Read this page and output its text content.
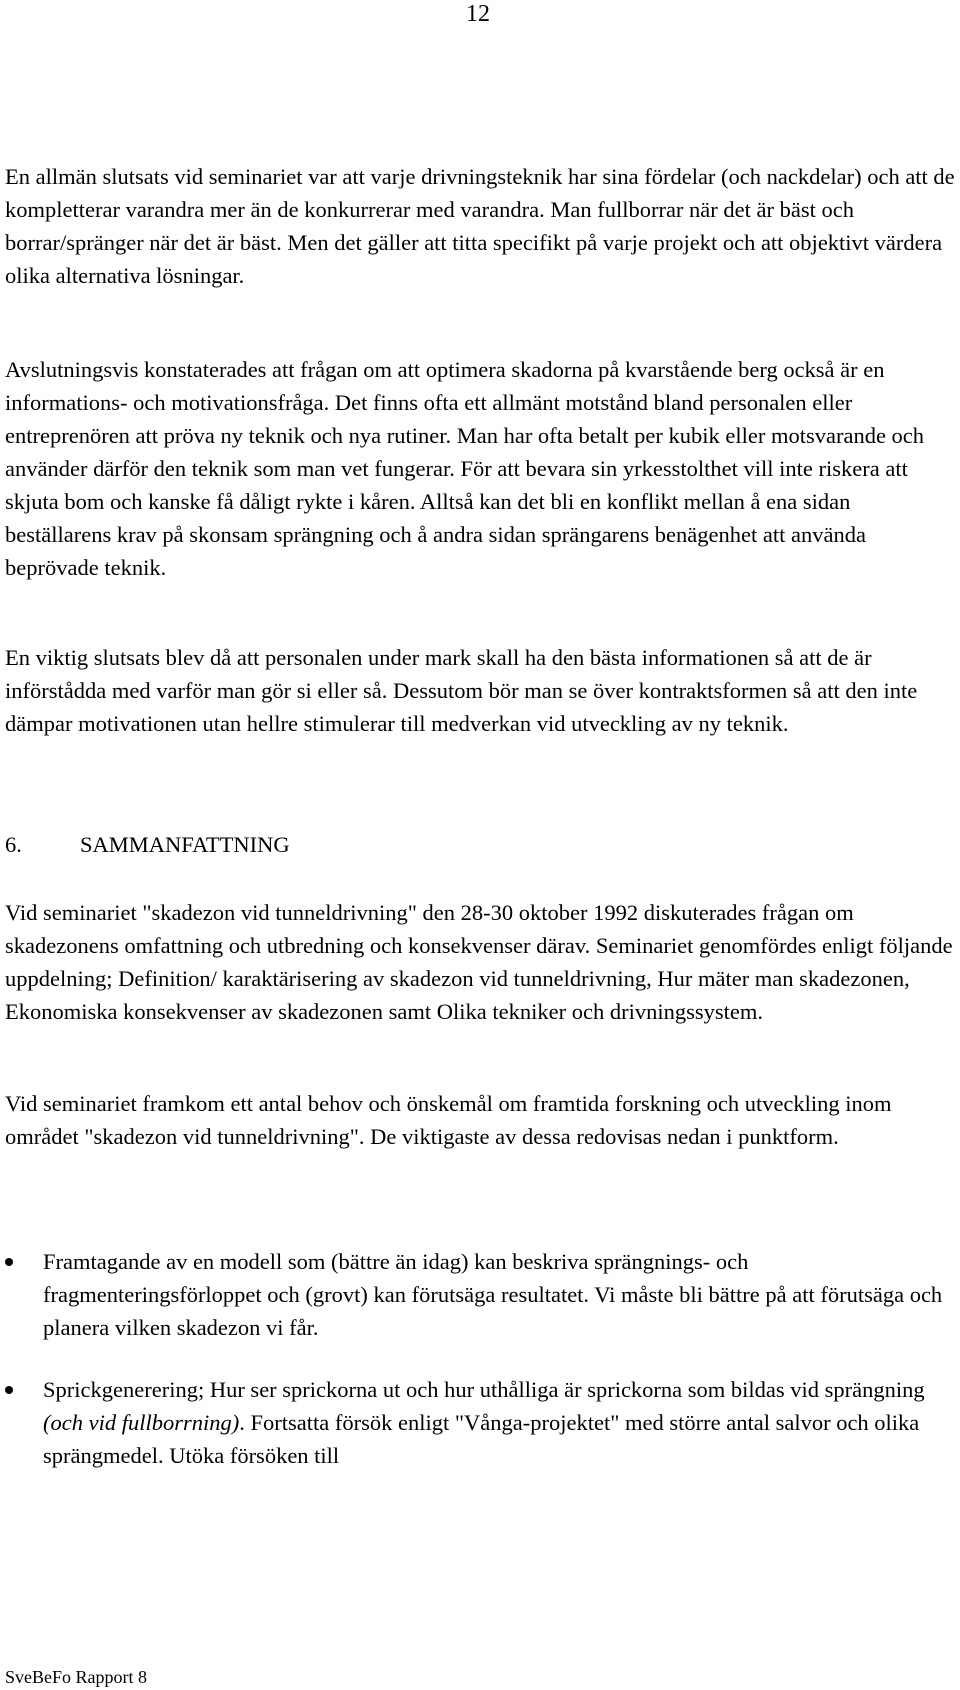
12

En allmän slutsats vid seminariet var att varje drivningsteknik har sina fördelar (och nackdelar) och att de kompletterar varandra mer än de konkurrerar med varandra. Man fullborrar när det är bäst och borrar/spränger när det är bäst. Men det gäller att titta specifikt på varje projekt och att objektivt värdera olika alternativa lösningar.

Avslutningsvis konstaterades att frågan om att optimera skadorna på kvarstående berg också är en informations- och motivationsfråga. Det finns ofta ett allmänt motstånd bland personalen eller entreprenören att pröva ny teknik och nya rutiner. Man har ofta betalt per kubik eller motsvarande och använder därför den teknik som man vet fungerar. För att bevara sin yrkesstolthet vill inte riskera att skjuta bom och kanske få dåligt rykte i kåren. Alltså kan det bli en konflikt mellan å ena sidan beställarens krav på skonsam sprängning och å andra sidan sprängarens benägenhet att använda beprövade teknik.

En viktig slutsats blev då att personalen under mark skall ha den bästa informationen så att de är införstådda med varför man gör si eller så. Dessutom bör man se över kontraktsformen så att den inte dämpar motivationen utan hellre stimulerar till medverkan vid utveckling av ny teknik.

6.	SAMMANFATTNING

Vid seminariet "skadezon vid tunneldrivning" den 28-30 oktober 1992 diskuterades frågan om skadezonens omfattning och utbredning och konsekvenser därav. Seminariet genomfördes enligt följande uppdelning; Definition/ karaktärisering av skadezon vid tunneldrivning, Hur mäter man skadezonen, Ekonomiska konsekvenser av skadezonen samt Olika tekniker och drivningssystem.

Vid seminariet framkom ett antal behov och önskemål om framtida forskning och utveckling inom området "skadezon vid tunneldrivning". De viktigaste av dessa redovisas nedan i punktform.

Framtagande av en modell som (bättre än idag) kan beskriva sprängnings- och fragmenteringsförloppet och (grovt) kan förutsäga resultatet. Vi måste bli bättre på att förutsäga och planera vilken skadezon vi får.
Sprickgenerering; Hur ser sprickorna ut och hur uthålliga är sprickorna som bildas vid sprängning (och vid fullborrning). Fortsatta försök enligt "Vånga-projektet" med större antal salvor och olika sprängmedel. Utöka försöken till
SveBeFo Rapport 8
